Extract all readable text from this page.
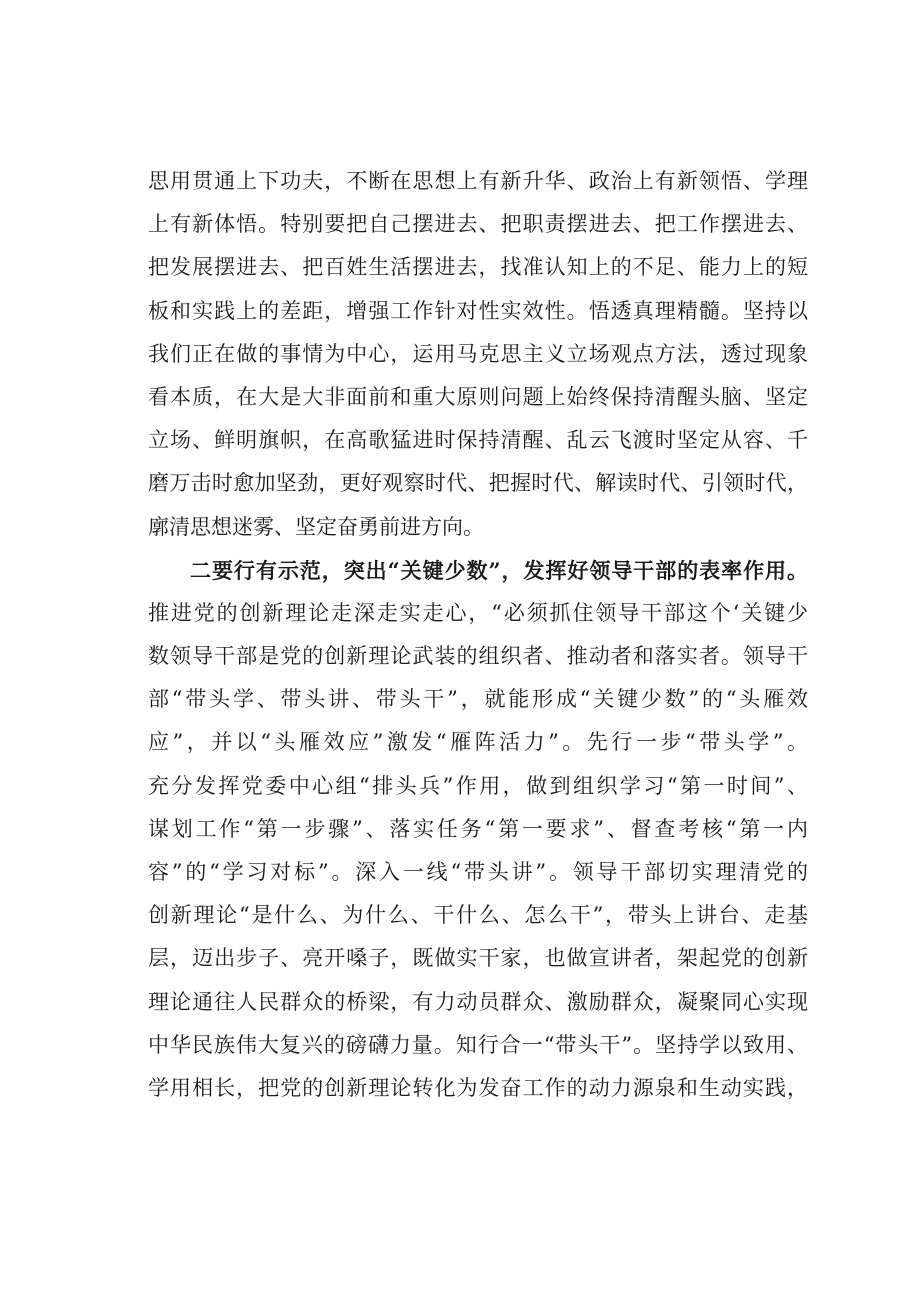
思用贯通上下功夫，不断在思想上有新升华、政治上有新领悟、学理
上有新体悟。特别要把自己摆进去、把职责摆进去、把工作摆进去、
把发展摆进去、把百姓生活摆进去，找准认知上的不足、能力上的短
板和实践上的差距，增强工作针对性实效性。悟透真理精髓。坚持以
我们正在做的事情为中心，运用马克思主义立场观点方法，透过现象
看本质，在大是大非面前和重大原则问题上始终保持清醒头脑、坚定
立场、鲜明旗帜，在高歌猛进时保持清醒、乱云飞渡时坚定从容、千
磨万击时愈加坚劲，更好观察时代、把握时代、解读时代、引领时代，
廓清思想迷雾、坚定奋勇前进方向。
二要行有示范，突出“关键少数”，发挥好领导干部的表率作用。
推进党的创新理论走深走实走心，“必须抓住领导干部这个‘关键少
数领导干部是党的创新理论武装的组织者、推动者和落实者。领导干
部“带头学、带头讲、带头干”，就能形成“关键少数”的“头雁效
应”，并以“头雁效应”激发“雁阵活力”。先行一步“带头学”。
充分发挥党委中心组“排头兵”作用，做到组织学习“第一时间”、
谋划工作“第一步骤”、落实任务“第一要求”、督查考核“第一内
容”的“学习对标”。深入一线“带头讲”。领导干部切实理清党的
创新理论“是什么、为什么、干什么、怎么干”，带头上讲台、走基
层，迈出步子、亮开嗓子，既做实干家，也做宣讲者，架起党的创新
理论通往人民群众的桥梁，有力动员群众、激励群众，凝聚同心实现
中华民族伟大复兴的磅礴力量。知行合一“带头干”。坚持学以致用、
学用相长，把党的创新理论转化为发奋工作的动力源泉和生动实践，
